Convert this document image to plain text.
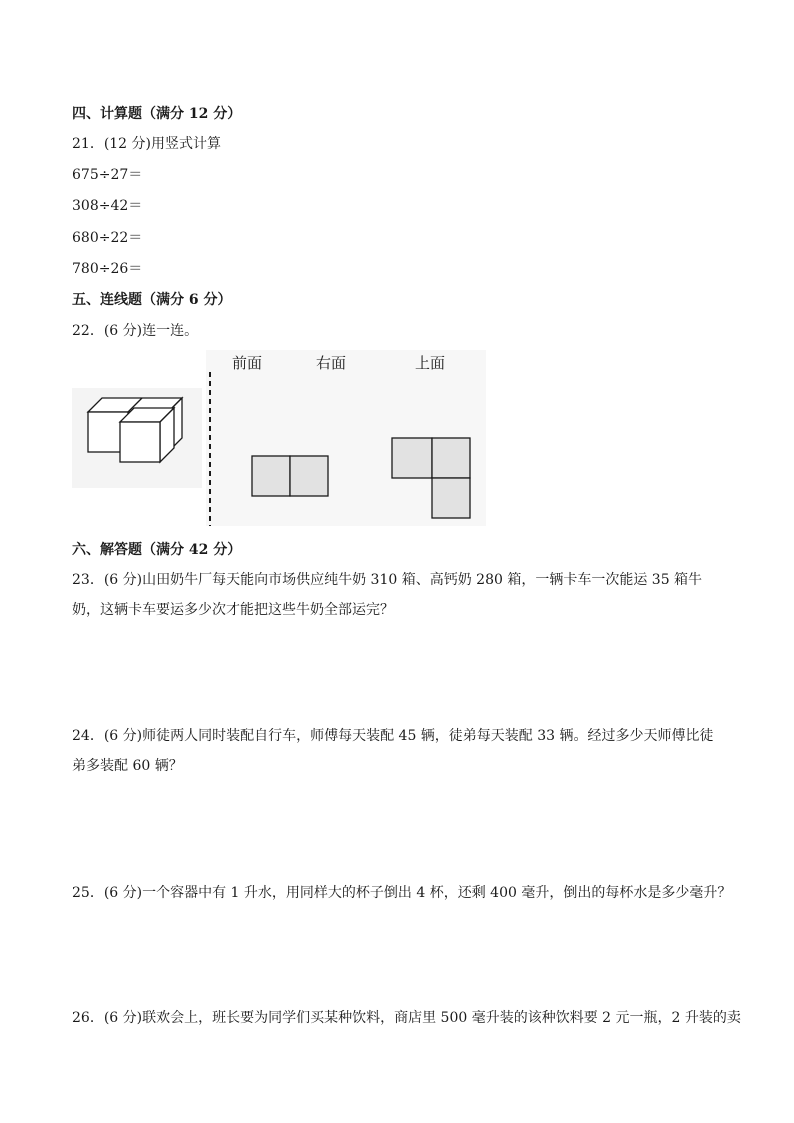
四、计算题（满分 12 分）
21．(12 分)用竖式计算
675÷27＝
308÷42＝
680÷22＝
780÷26＝
五、连线题（满分 6 分）
22．(6 分)连一连。
前面	右面	上面
六、解答题（满分 42 分）
23．(6 分)山田奶牛厂每天能向市场供应纯牛奶 310 箱、高钙奶 280 箱，一辆卡车一次能运 35 箱牛奶，这辆卡车要运多少次才能把这些牛奶全部运完？
24．(6 分)师徒两人同时装配自行车，师傅每天装配 45 辆，徒弟每天装配 33 辆。经过多少天师傅比徒弟多装配 60 辆？
25．(6 分)一个容器中有 1 升水，用同样大的杯子倒出 4 杯，还剩 400 毫升，倒出的每杯水是多少毫升？
26．(6 分)联欢会上，班长要为同学们买某种饮料，商店里 500 毫升装的该种饮料要 2 元一瓶，2 升装的卖
